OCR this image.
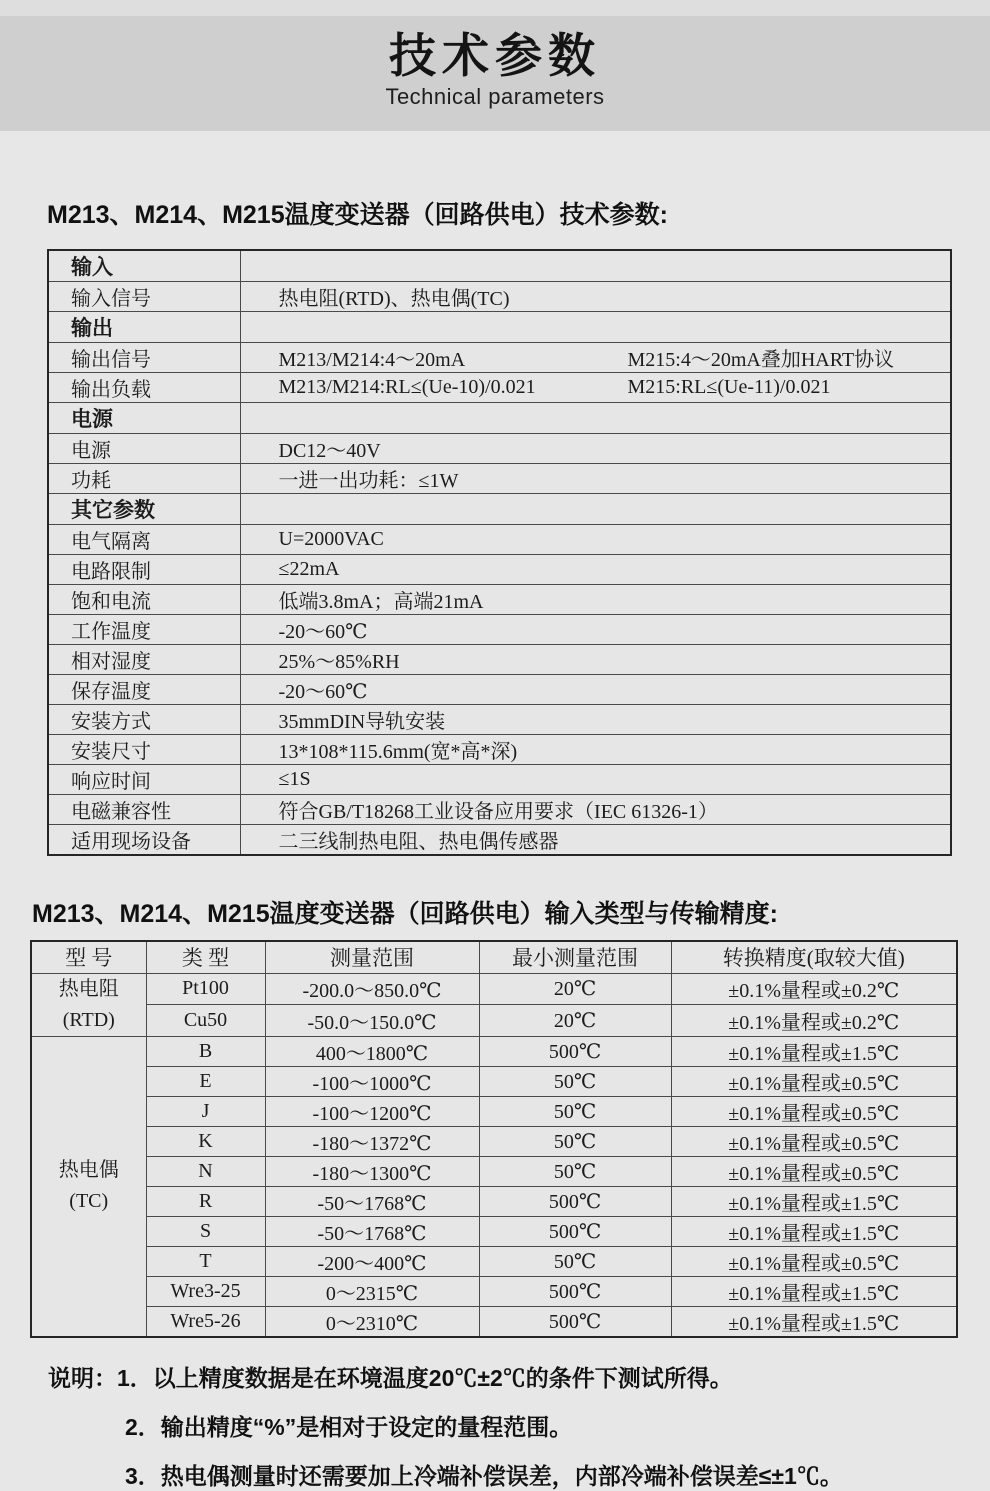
技术参数
Technical parameters
M213、M214、M215温度变送器（回路供电）技术参数:
输入	
输入信号	热电阻(RTD)、热电偶(TC)
输出	
输出信号	M213/M214:4～20mA M215:4～20mA叠加HART协议
输出负载	M213/M214:RL≤(Ue-10)/0.021 M215:RL≤(Ue-11)/0.021
电源	
电源	DC12～40V
功耗	一进一出功耗：≤1W
其它参数	
电气隔离	U=2000VAC
电路限制	≤22mA
饱和电流	低端3.8mA；高端21mA
工作温度	-20～60℃
相对湿度	25%～85%RH
保存温度	-20～60℃
安装方式	35mmDIN导轨安装
安装尺寸	13*108*115.6mm(宽*高*深)
响应时间	≤1S
电磁兼容性	符合GB/T18268工业设备应用要求（IEC 61326-1）
适用现场设备	二三线制热电阻、热电偶传感器
M213、M214、M215温度变送器（回路供电）输入类型与传输精度:
型 号	类 型	测量范围	最小测量范围	转换精度(取较大值)

热电阻
(RTD)	Pt100	-200.0～850.0℃	20℃	±0.1%量程或±0.2℃
	Cu50	-50.0～150.0℃	20℃	±0.1%量程或±0.2℃

热电偶
(TC)	B	400～1800℃	500℃	±0.1%量程或±1.5℃
	E	-100～1000℃	50℃	±0.1%量程或±0.5℃
	J	-100～1200℃	50℃	±0.1%量程或±0.5℃
	K	-180～1372℃	50℃	±0.1%量程或±0.5℃
	N	-180～1300℃	50℃	±0.1%量程或±0.5℃
	R	-50～1768℃	500℃	±0.1%量程或±1.5℃
	S	-50～1768℃	500℃	±0.1%量程或±1.5℃
	T	-200～400℃	50℃	±0.1%量程或±0.5℃
	Wre3-25	0～2315℃	500℃	±0.1%量程或±1.5℃
	Wre5-26	0～2310℃	500℃	±0.1%量程或±1.5℃
说明：1．以上精度数据是在环境温度20℃±2℃的条件下测试所得。
2．输出精度“%”是相对于设定的量程范围。
3．热电偶测量时还需要加上冷端补偿误差，内部冷端补偿误差≤±1℃。
